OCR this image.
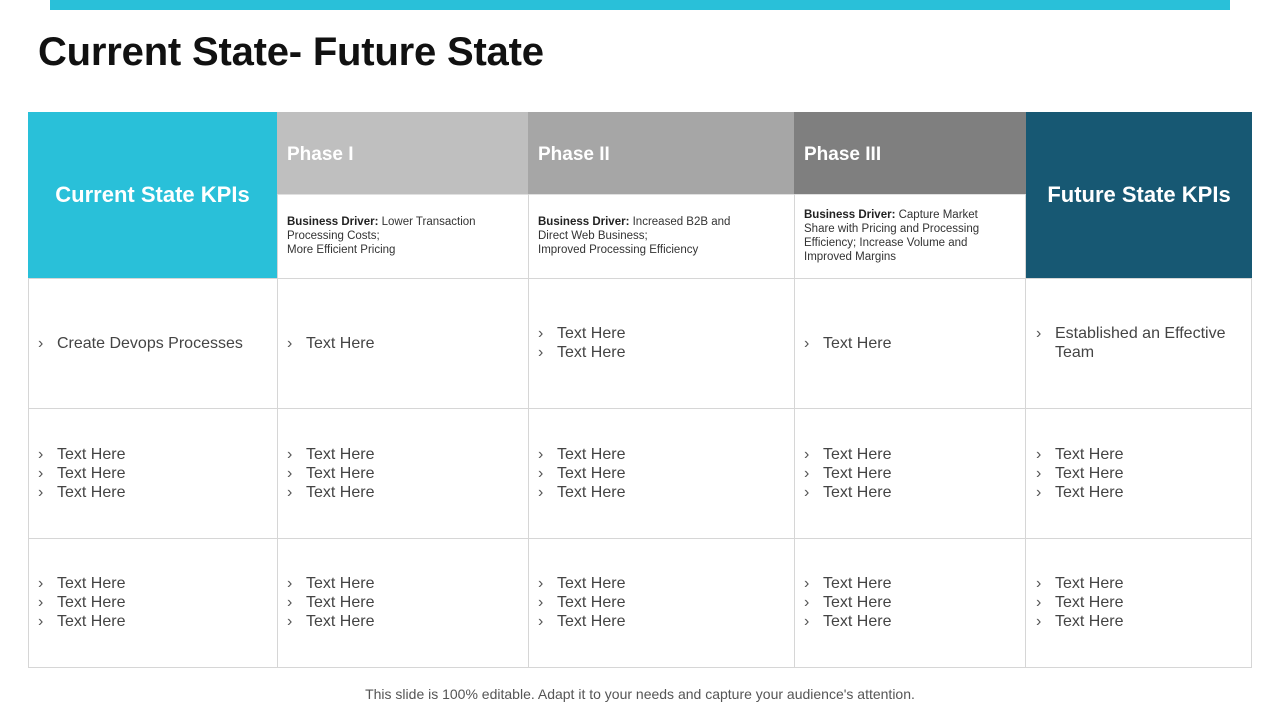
Current State- Future State
Current State KPIs
Phase I
Business Driver: Lower Transaction
Processing Costs;
More Efficient Pricing
Phase II
Business Driver: Increased B2B and
Direct Web Business;
Improved Processing Efficiency
Phase III
Business Driver: Capture Market
Share with Pricing and Processing
Efficiency; Increase Volume and
Improved Margins
Future State KPIs
› Create Devops Processes
›	Text Here
› Text Here
› Text Here
› Text Here
› Established an Effective Team
› Text Here
› Text Here
› Text Here
› Text Here
› Text Here
› Text Here
› Text Here
› Text Here
› Text Here
› Text Here
› Text Here
› Text Here
› Text Here
› Text Here
› Text Here
› Text Here
› Text Here
› Text Here
› Text Here
› Text Here
› Text Here
› Text Here
› Text Here
› Text Here
› Text Here
› Text Here
› Text Here
› Text Here
› Text Here
› Text Here
This slide is 100% editable. Adapt it to your needs and capture your audience's attention.
